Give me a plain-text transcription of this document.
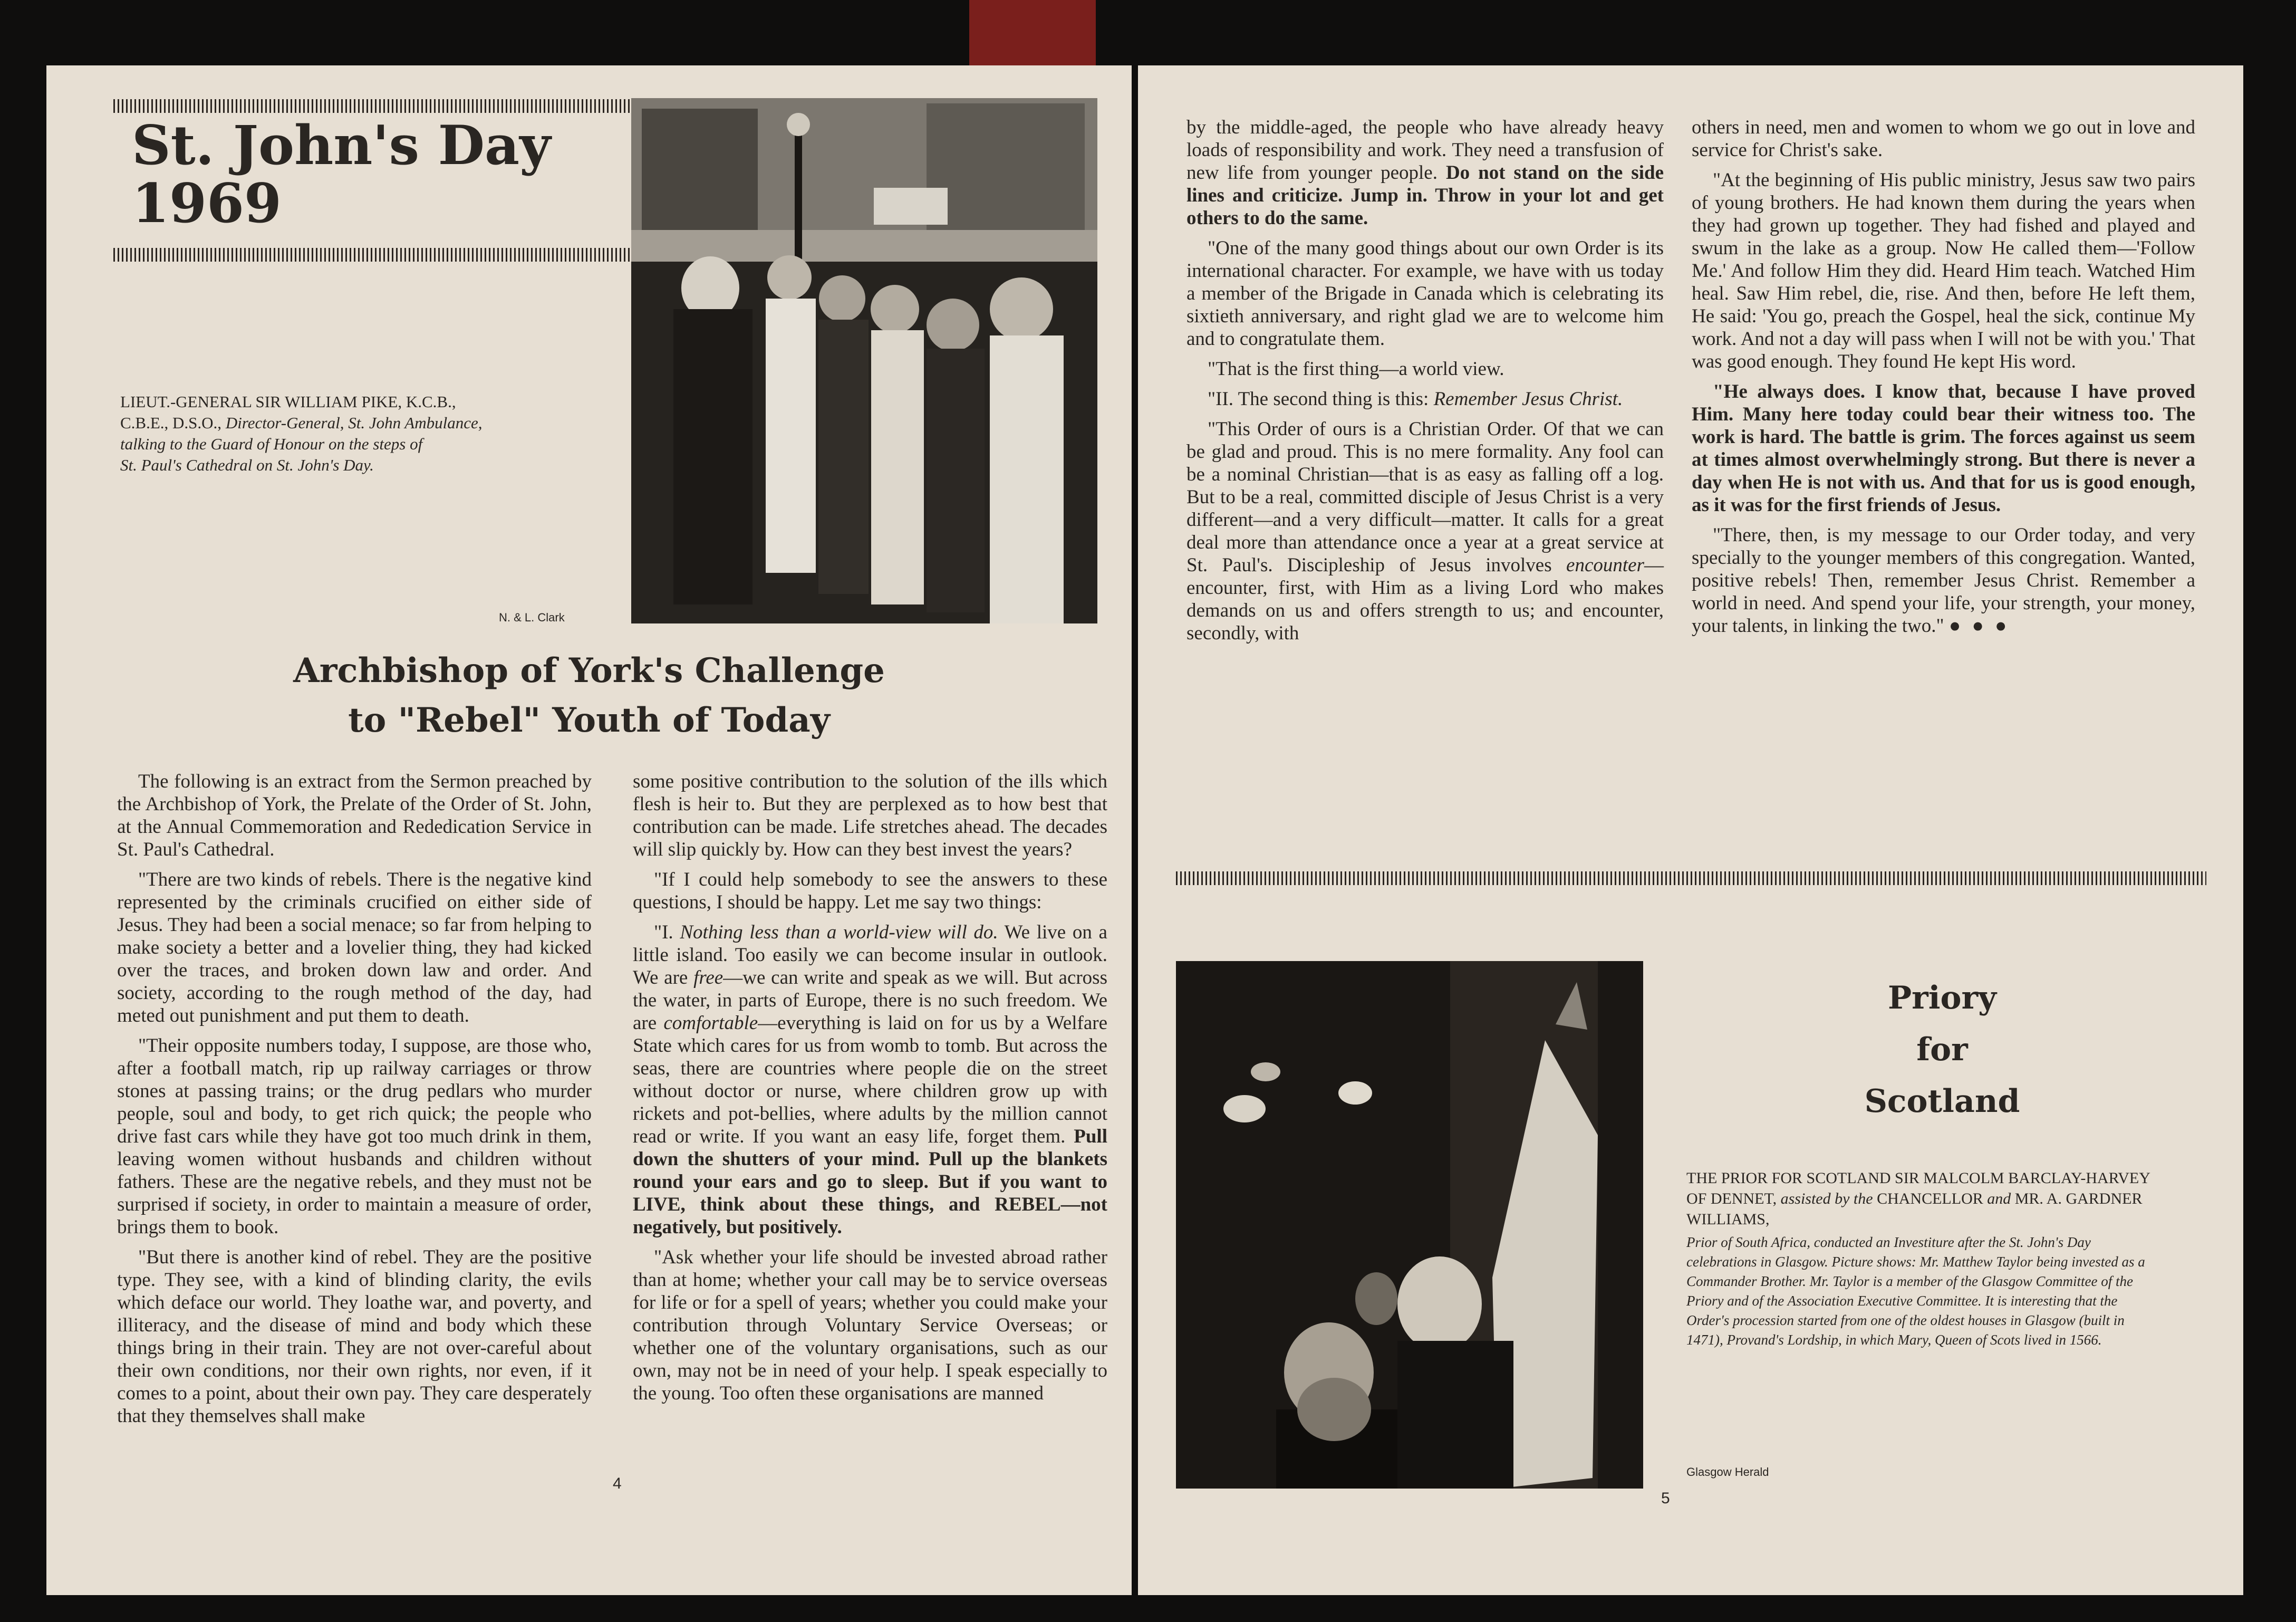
St. John's Day
1969
LIEUT.-GENERAL SIR WILLIAM PIKE, K.C.B.,
C.B.E., D.S.O., Director-General, St. John Ambulance,
talking to the Guard of Honour on the steps of
St. Paul's Cathedral on St. John's Day.
N. & L. Clark
Archbishop of York's Challenge
to "Rebel" Youth of Today

The following is an extract from the Sermon preached by the Archbishop of York, the Prelate of the Order of St. John, at the Annual Commemoration and Rededication Service in St. Paul's Cathedral.

"There are two kinds of rebels. There is the negative kind represented by the criminals crucified on either side of Jesus. They had been a social menace; so far from helping to make society a better and a lovelier thing, they had kicked over the traces, and broken down law and order. And society, according to the rough method of the day, had meted out punishment and put them to death.

"Their opposite numbers today, I suppose, are those who, after a football match, rip up railway carriages or throw stones at passing trains; or the drug pedlars who murder people, soul and body, to get rich quick; the people who drive fast cars while they have got too much drink in them, leaving women without husbands and children without fathers. These are the negative rebels, and they must not be surprised if society, in order to maintain a measure of order, brings them to book.

"But there is another kind of rebel. They are the positive type. They see, with a kind of blinding clarity, the evils which deface our world. They loathe war, and poverty, and illiteracy, and the disease of mind and body which these things bring in their train. They are not over-careful about their own conditions, nor their own rights, nor even, if it comes to a point, about their own pay. They care desperately that they themselves shall make

some positive contribution to the solution of the ills which flesh is heir to. But they are perplexed as to how best that contribution can be made. Life stretches ahead. The decades will slip quickly by. How can they best invest the years?

"If I could help somebody to see the answers to these questions, I should be happy. Let me say two things:

"I. Nothing less than a world-view will do. We live on a little island. Too easily we can become insular in outlook. We are free—we can write and speak as we will. But across the water, in parts of Europe, there is no such freedom. We are comfortable—everything is laid on for us by a Welfare State which cares for us from womb to tomb. But across the seas, there are countries where people die on the street without doctor or nurse, where children grow up with rickets and pot-bellies, where adults by the million cannot read or write. If you want an easy life, forget them. Pull down the shutters of your mind. Pull up the blankets round your ears and go to sleep. But if you want to LIVE, think about these things, and REBEL—not negatively, but positively.

"Ask whether your life should be invested abroad rather than at home; whether your call may be to service overseas for life or for a spell of years; whether you could make your contribution through Voluntary Service Overseas; or whether one of the voluntary organisations, such as our own, may not be in need of your help. I speak especially to the young. Too often these organisations are manned

4

by the middle-aged, the people who have already heavy loads of responsibility and work. They need a transfusion of new life from younger people. Do not stand on the side lines and criticize. Jump in. Throw in your lot and get others to do the same.

"One of the many good things about our own Order is its international character. For example, we have with us today a member of the Brigade in Canada which is celebrating its sixtieth anniversary, and right glad we are to welcome him and to congratulate them.

"That is the first thing—a world view.

"II. The second thing is this: Remember Jesus Christ.

"This Order of ours is a Christian Order. Of that we can be glad and proud. This is no mere formality. Any fool can be a nominal Christian—that is as easy as falling off a log. But to be a real, committed disciple of Jesus Christ is a very different—and a very difficult—matter. It calls for a great deal more than attendance once a year at a great service at St. Paul's. Discipleship of Jesus involves encounter—encounter, first, with Him as a living Lord who makes demands on us and offers strength to us; and encounter, secondly, with

others in need, men and women to whom we go out in love and service for Christ's sake.

"At the beginning of His public ministry, Jesus saw two pairs of young brothers. He had known them during the years when they had grown up together. They had fished and played and swum in the lake as a group. Now He called them—'Follow Me.' And follow Him they did. Heard Him teach. Watched Him heal. Saw Him rebel, die, rise. And then, before He left them, He said: 'You go, preach the Gospel, heal the sick, continue My work. And not a day will pass when I will not be with you.' That was good enough. They found He kept His word.

"He always does. I know that, because I have proved Him. Many here today could bear their witness too. The work is hard. The battle is grim. The forces against us seem at times almost overwhelmingly strong. But there is never a day when He is not with us. And that for us is good enough, as it was for the first friends of Jesus.

"There, then, is my message to our Order today, and very specially to the younger members of this congregation. Wanted, positive rebels! Then, remember Jesus Christ. Remember a world in need. And spend your life, your strength, your money, your talents, in linking the two." ● ● ●

Priory
for
Scotland
THE PRIOR FOR SCOTLAND SIR MALCOLM BARCLAY-HARVEY OF DENNET, assisted by the CHANCELLOR and MR. A. GARDNER WILLIAMS,
Prior of South Africa, conducted an Investiture after the St. John's Day celebrations in Glasgow. Picture shows: Mr. Matthew Taylor being invested as a Commander Brother. Mr. Taylor is a member of the Glasgow Committee of the Priory and of the Association Executive Committee. It is interesting that the Order's procession started from one of the oldest houses in Glasgow (built in 1471), Provand's Lordship, in which Mary, Queen of Scots lived in 1566.
Glasgow Herald
5
